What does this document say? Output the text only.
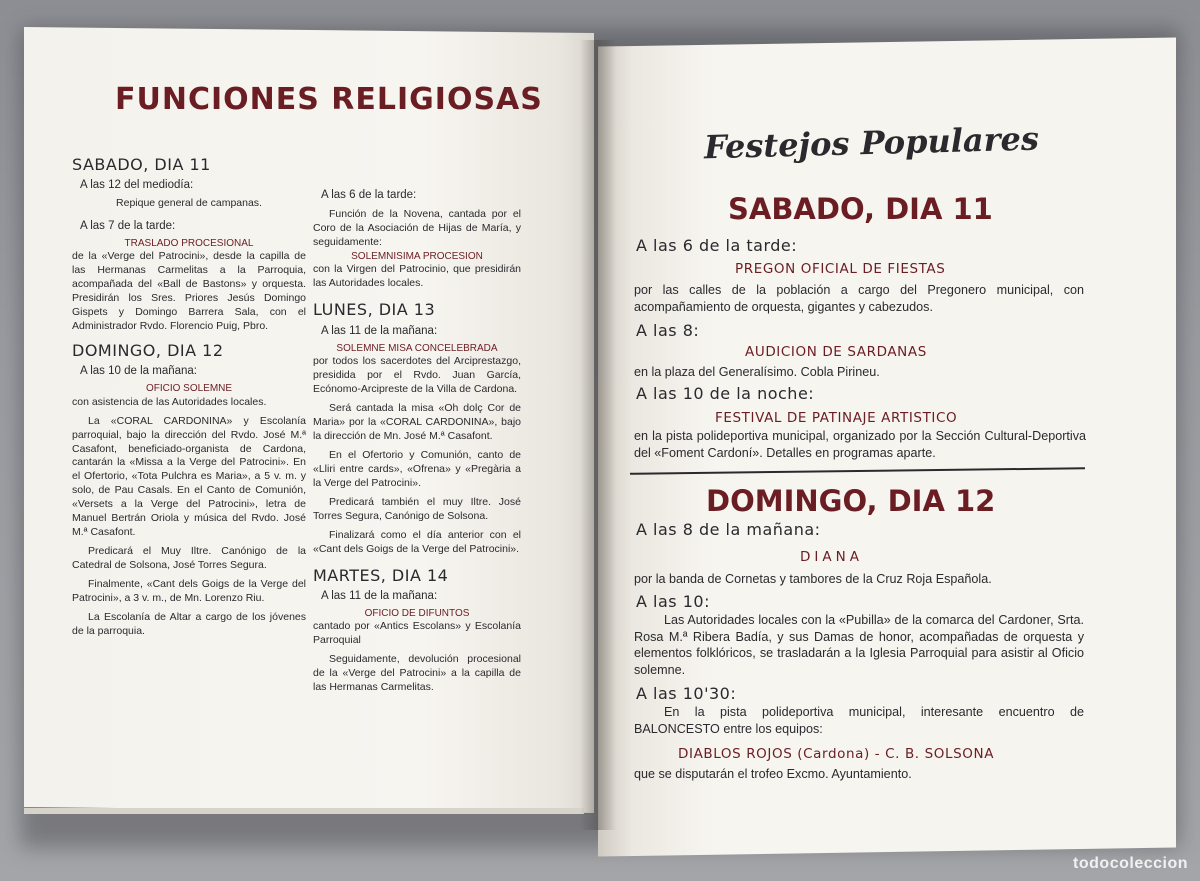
FUNCIONES RELIGIOSAS
SABADO, DIA 11
A las 12 del mediodía:
Repique general de campanas.
A las 7 de la tarde:
TRASLADO PROCESIONAL
de la «Verge del Patrocini», desde la capilla de las Hermanas Carmelitas a la Parroquia, acompañada del «Ball de Bastons» y orquesta. Presidirán los Sres. Priores Jesús Domingo Gispets y Domingo Barrera Sala, con el Administrador Rvdo. Florencio Puig, Pbro.
DOMINGO, DIA 12
A las 10 de la mañana:
OFICIO SOLEMNE
con asistencia de las Autoridades locales.
La «CORAL CARDONINA» y Escolanía parroquial, bajo la dirección del Rvdo. José M.ª Casafont, beneficiado-organista de Cardona, cantarán la «Missa a la Verge del Patrocini». En el Ofertorio, «Tota Pulchra es Maria», a 5 v. m. y solo, de Pau Casals. En el Canto de Comunión, «Versets a la Verge del Patrocini», letra de Manuel Bertrán Oriola y música del Rvdo. José M.ª Casafont.
Predicará el Muy Iltre. Canónigo de la Catedral de Solsona, José Torres Segura.
Finalmente, «Cant dels Goigs de la Verge del Patrocini», a 3 v. m., de Mn. Lorenzo Riu.
La Escolanía de Altar a cargo de los jóvenes de la parroquia.
A las 6 de la tarde:
Función de la Novena, cantada por el Coro de la Asociación de Hijas de María, y seguidamente:
SOLEMNISIMA PROCESION
con la Virgen del Patrocinio, que presidirán las Autoridades locales.
LUNES, DIA 13
A las 11 de la mañana:
SOLEMNE MISA CONCELEBRADA
por todos los sacerdotes del Arciprestazgo, presidida por el Rvdo. Juan García, Ecónomo-Arcipreste de la Villa de Cardona.
Será cantada la misa «Oh dolç Cor de Maria» por la «CORAL CARDONINA», bajo la dirección de Mn. José M.ª Casafont.
En el Ofertorio y Comunión, canto de «Lliri entre cards», «Ofrena» y «Pregària a la Verge del Patrocini».
Predicará también el muy Iltre. José Torres Segura, Canónigo de Solsona.
Finalizará como el día anterior con el «Cant dels Goigs de la Verge del Patrocini».
MARTES, DIA 14
A las 11 de la mañana:
OFICIO DE DIFUNTOS
cantado por «Antics Escolans» y Escolanía Parroquial
Seguidamente, devolución procesional de la «Verge del Patrocini» a la capilla de las Hermanas Carmelitas.
Festejos Populares
SABADO, DIA 11
A las 6 de la tarde:
PREGON OFICIAL DE FIESTAS
por las calles de la población a cargo del Pregonero municipal, con acompañamiento de orquesta, gigantes y cabezudos.
A las 8:
AUDICION DE SARDANAS
en la plaza del Generalísimo. Cobla Pirineu.
A las 10 de la noche:
FESTIVAL DE PATINAJE ARTISTICO
en la pista polideportiva municipal, organizado por la Sección Cultural-Deportiva del «Foment Cardoní». Detalles en programas aparte.
DOMINGO, DIA 12
A las 8 de la mañana:
DIANA
por la banda de Cornetas y tambores de la Cruz Roja Española.
A las 10:
Las Autoridades locales con la «Pubilla» de la comarca del Cardoner, Srta. Rosa M.ª Ribera Badía, y sus Damas de honor, acompañadas de orquesta y elementos folklóricos, se trasladarán a la Iglesia Parroquial para asistir al Oficio solemne.
A las 10'30:
En la pista polideportiva municipal, interesante encuentro de BALONCESTO entre los equipos:
DIABLOS ROJOS (Cardona) - C. B. SOLSONA
que se disputarán el trofeo Excmo. Ayuntamiento.
todocoleccion
